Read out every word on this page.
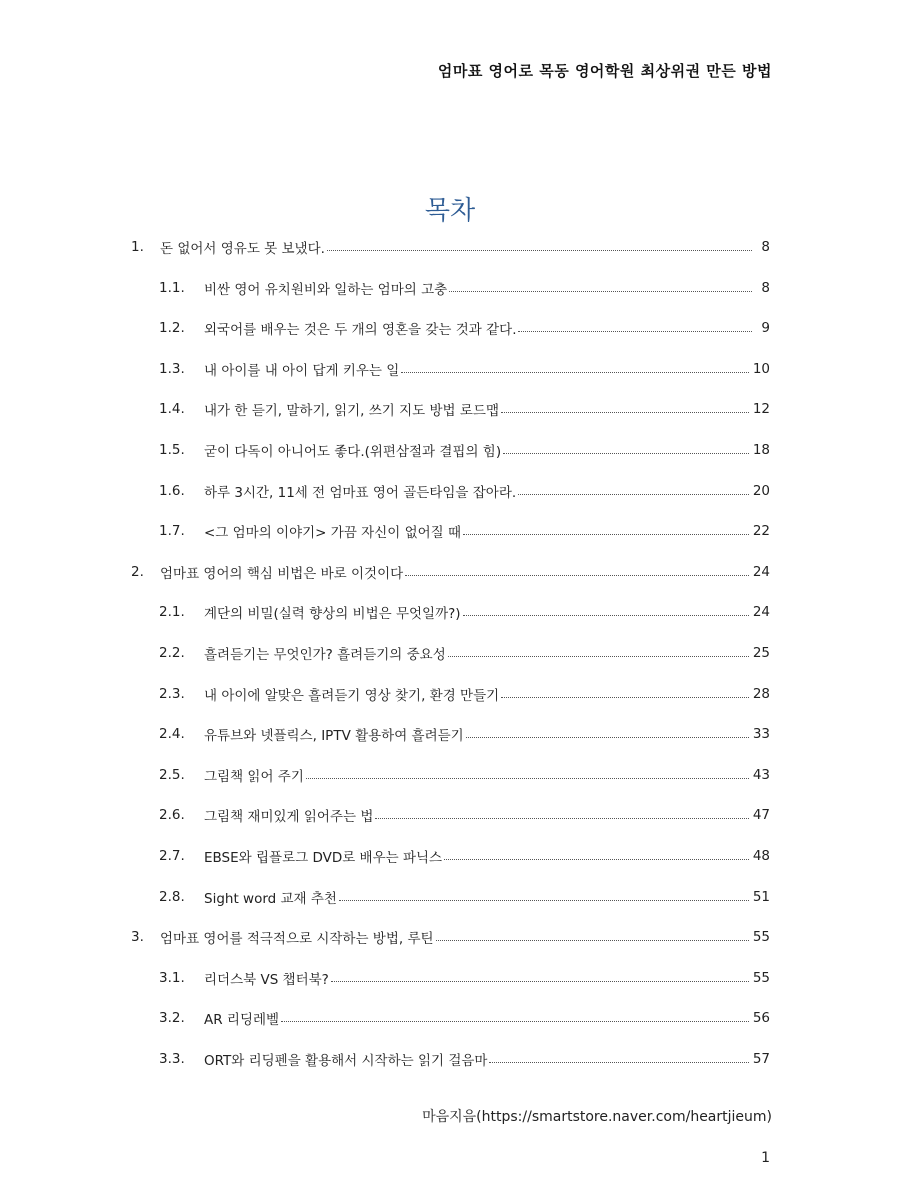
엄마표 영어로 목동 영어학원 최상위권 만든 방법
목차
1.	돈 없어서 영유도 못 보냈다.	8
1.1.	비싼 영어 유치원비와 일하는 엄마의 고충	8
1.2.	외국어를 배우는 것은 두 개의 영혼을 갖는 것과 같다.	9
1.3.	내 아이를 내 아이 답게 키우는 일	10
1.4.	내가 한 듣기, 말하기, 읽기, 쓰기 지도 방법 로드맵	12
1.5.	굳이 다독이 아니어도 좋다.(위편삼절과 결핍의 힘)	18
1.6.	하루 3시간, 11세 전 엄마표 영어 골든타임을 잡아라.	20
1.7.	<그 엄마의 이야기> 가끔 자신이 없어질 때	22
2.	엄마표 영어의 핵심 비법은 바로 이것이다	24
2.1.	계단의 비밀(실력 향상의 비법은 무엇일까?)	24
2.2.	흘려듣기는 무엇인가? 흘려듣기의 중요성	25
2.3.	내 아이에 알맞은 흘려듣기 영상 찾기, 환경 만들기	28
2.4.	유튜브와 넷플릭스, IPTV 활용하여 흘려듣기	33
2.5.	그림책 읽어 주기	43
2.6.	그림책 재미있게 읽어주는 법	47
2.7.	EBSE와 립플로그 DVD로 배우는 파닉스	48
2.8.	Sight word 교재 추천	51
3.	엄마표 영어를 적극적으로 시작하는 방법, 루틴	55
3.1.	리더스북 VS 챕터북?	55
3.2.	AR 리딩레벨	56
3.3.	ORT와 리딩펜을 활용해서 시작하는 읽기 걸음마	57
마음지음(https://smartstore.naver.com/heartjieum)
1
